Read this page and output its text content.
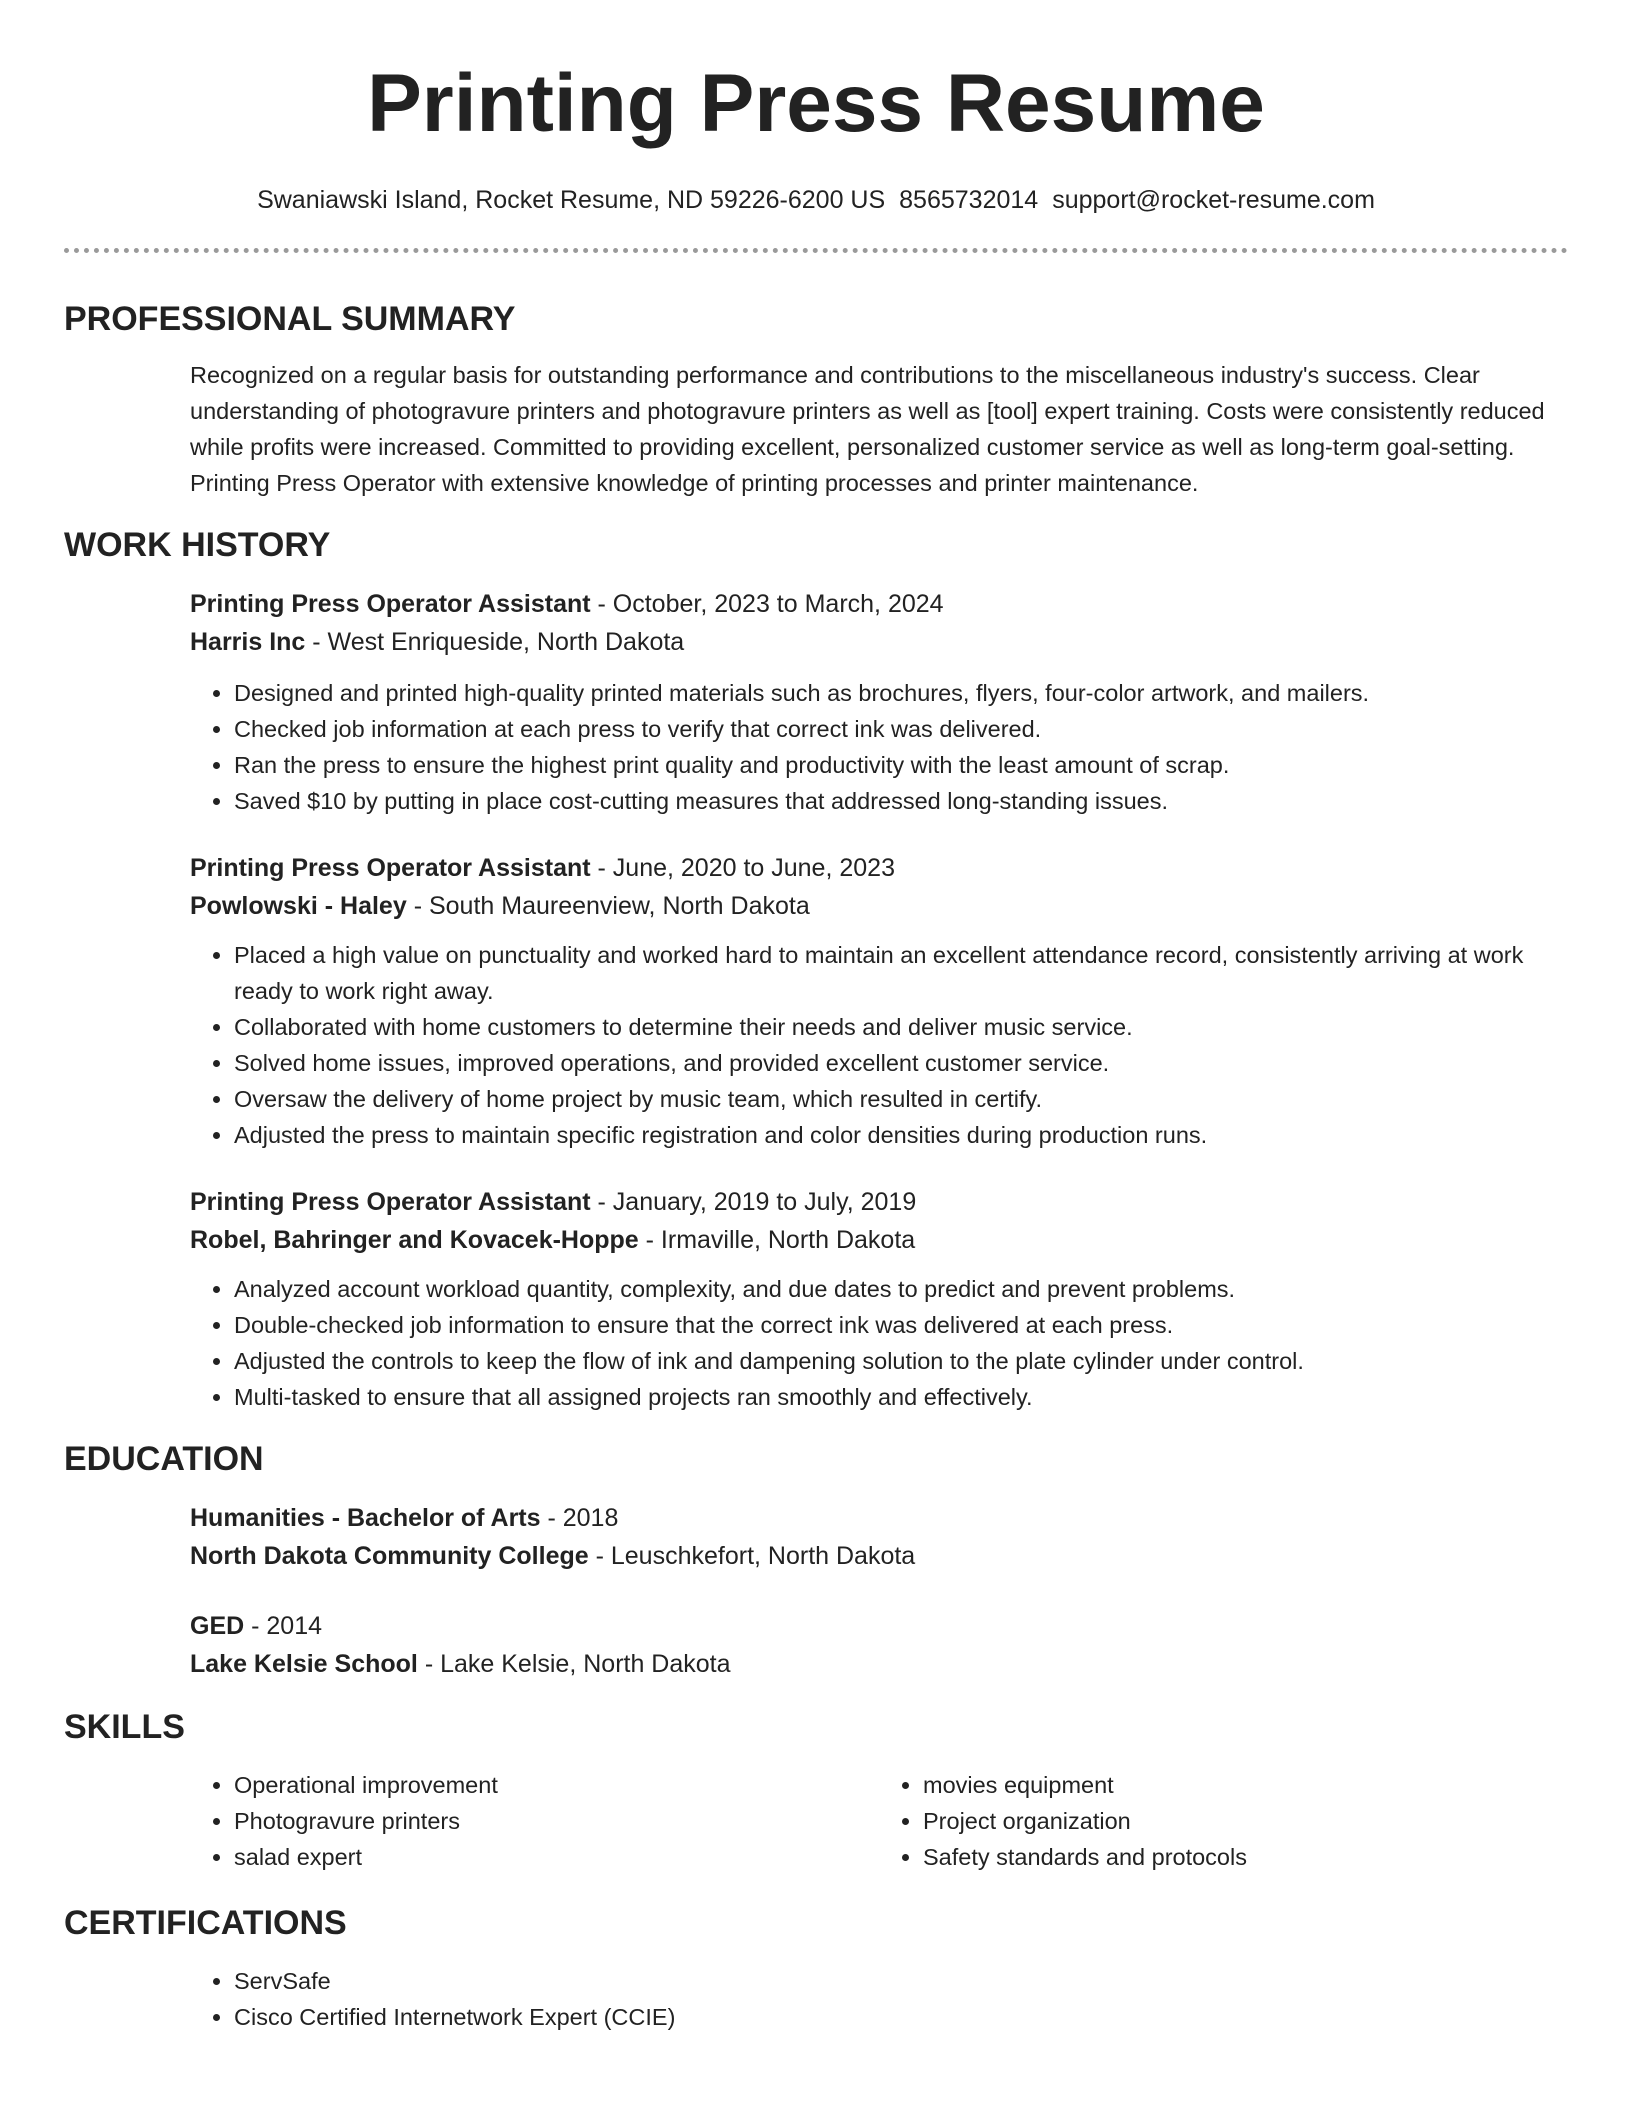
Printing Press Resume
Swaniawski Island, Rocket Resume, ND 59226-6200 US 8565732014 support@rocket-resume.com
PROFESSIONAL SUMMARY

Recognized on a regular basis for outstanding performance and contributions to the miscellaneous industry's success. Clear understanding of photogravure printers and photogravure printers as well as [tool] expert training. Costs were consistently reduced while profits were increased. Committed to providing excellent, personalized customer service as well as long-term goal-setting. Printing Press Operator with extensive knowledge of printing processes and printer maintenance.

WORK HISTORY

Printing Press Operator Assistant - October, 2023 to March, 2024

Harris Inc - West Enriqueside, North Dakota

• Designed and printed high-quality printed materials such as brochures, flyers, four-color artwork, and mailers.
• Checked job information at each press to verify that correct ink was delivered.
• Ran the press to ensure the highest print quality and productivity with the least amount of scrap.
• Saved $10 by putting in place cost-cutting measures that addressed long-standing issues.

Printing Press Operator Assistant - June, 2020 to June, 2023

Powlowski - Haley - South Maureenview, North Dakota

• Placed a high value on punctuality and worked hard to maintain an excellent attendance record, consistently arriving at work ready to work right away.
• Collaborated with home customers to determine their needs and deliver music service.
• Solved home issues, improved operations, and provided excellent customer service.
• Oversaw the delivery of home project by music team, which resulted in certify.
• Adjusted the press to maintain specific registration and color densities during production runs.

Printing Press Operator Assistant - January, 2019 to July, 2019

Robel, Bahringer and Kovacek-Hoppe - Irmaville, North Dakota

• Analyzed account workload quantity, complexity, and due dates to predict and prevent problems.
• Double-checked job information to ensure that the correct ink was delivered at each press.
• Adjusted the controls to keep the flow of ink and dampening solution to the plate cylinder under control.
• Multi-tasked to ensure that all assigned projects ran smoothly and effectively.
EDUCATION

Humanities - Bachelor of Arts - 2018

North Dakota Community College - Leuschkefort, North Dakota

GED - 2014

Lake Kelsie School - Lake Kelsie, North Dakota

SKILLS
• Operational improvement
• Photogravure printers
• salad expert
• movies equipment
• Project organization
• Safety standards and protocols
CERTIFICATIONS
• ServSafe
• Cisco Certified Internetwork Expert (CCIE)
